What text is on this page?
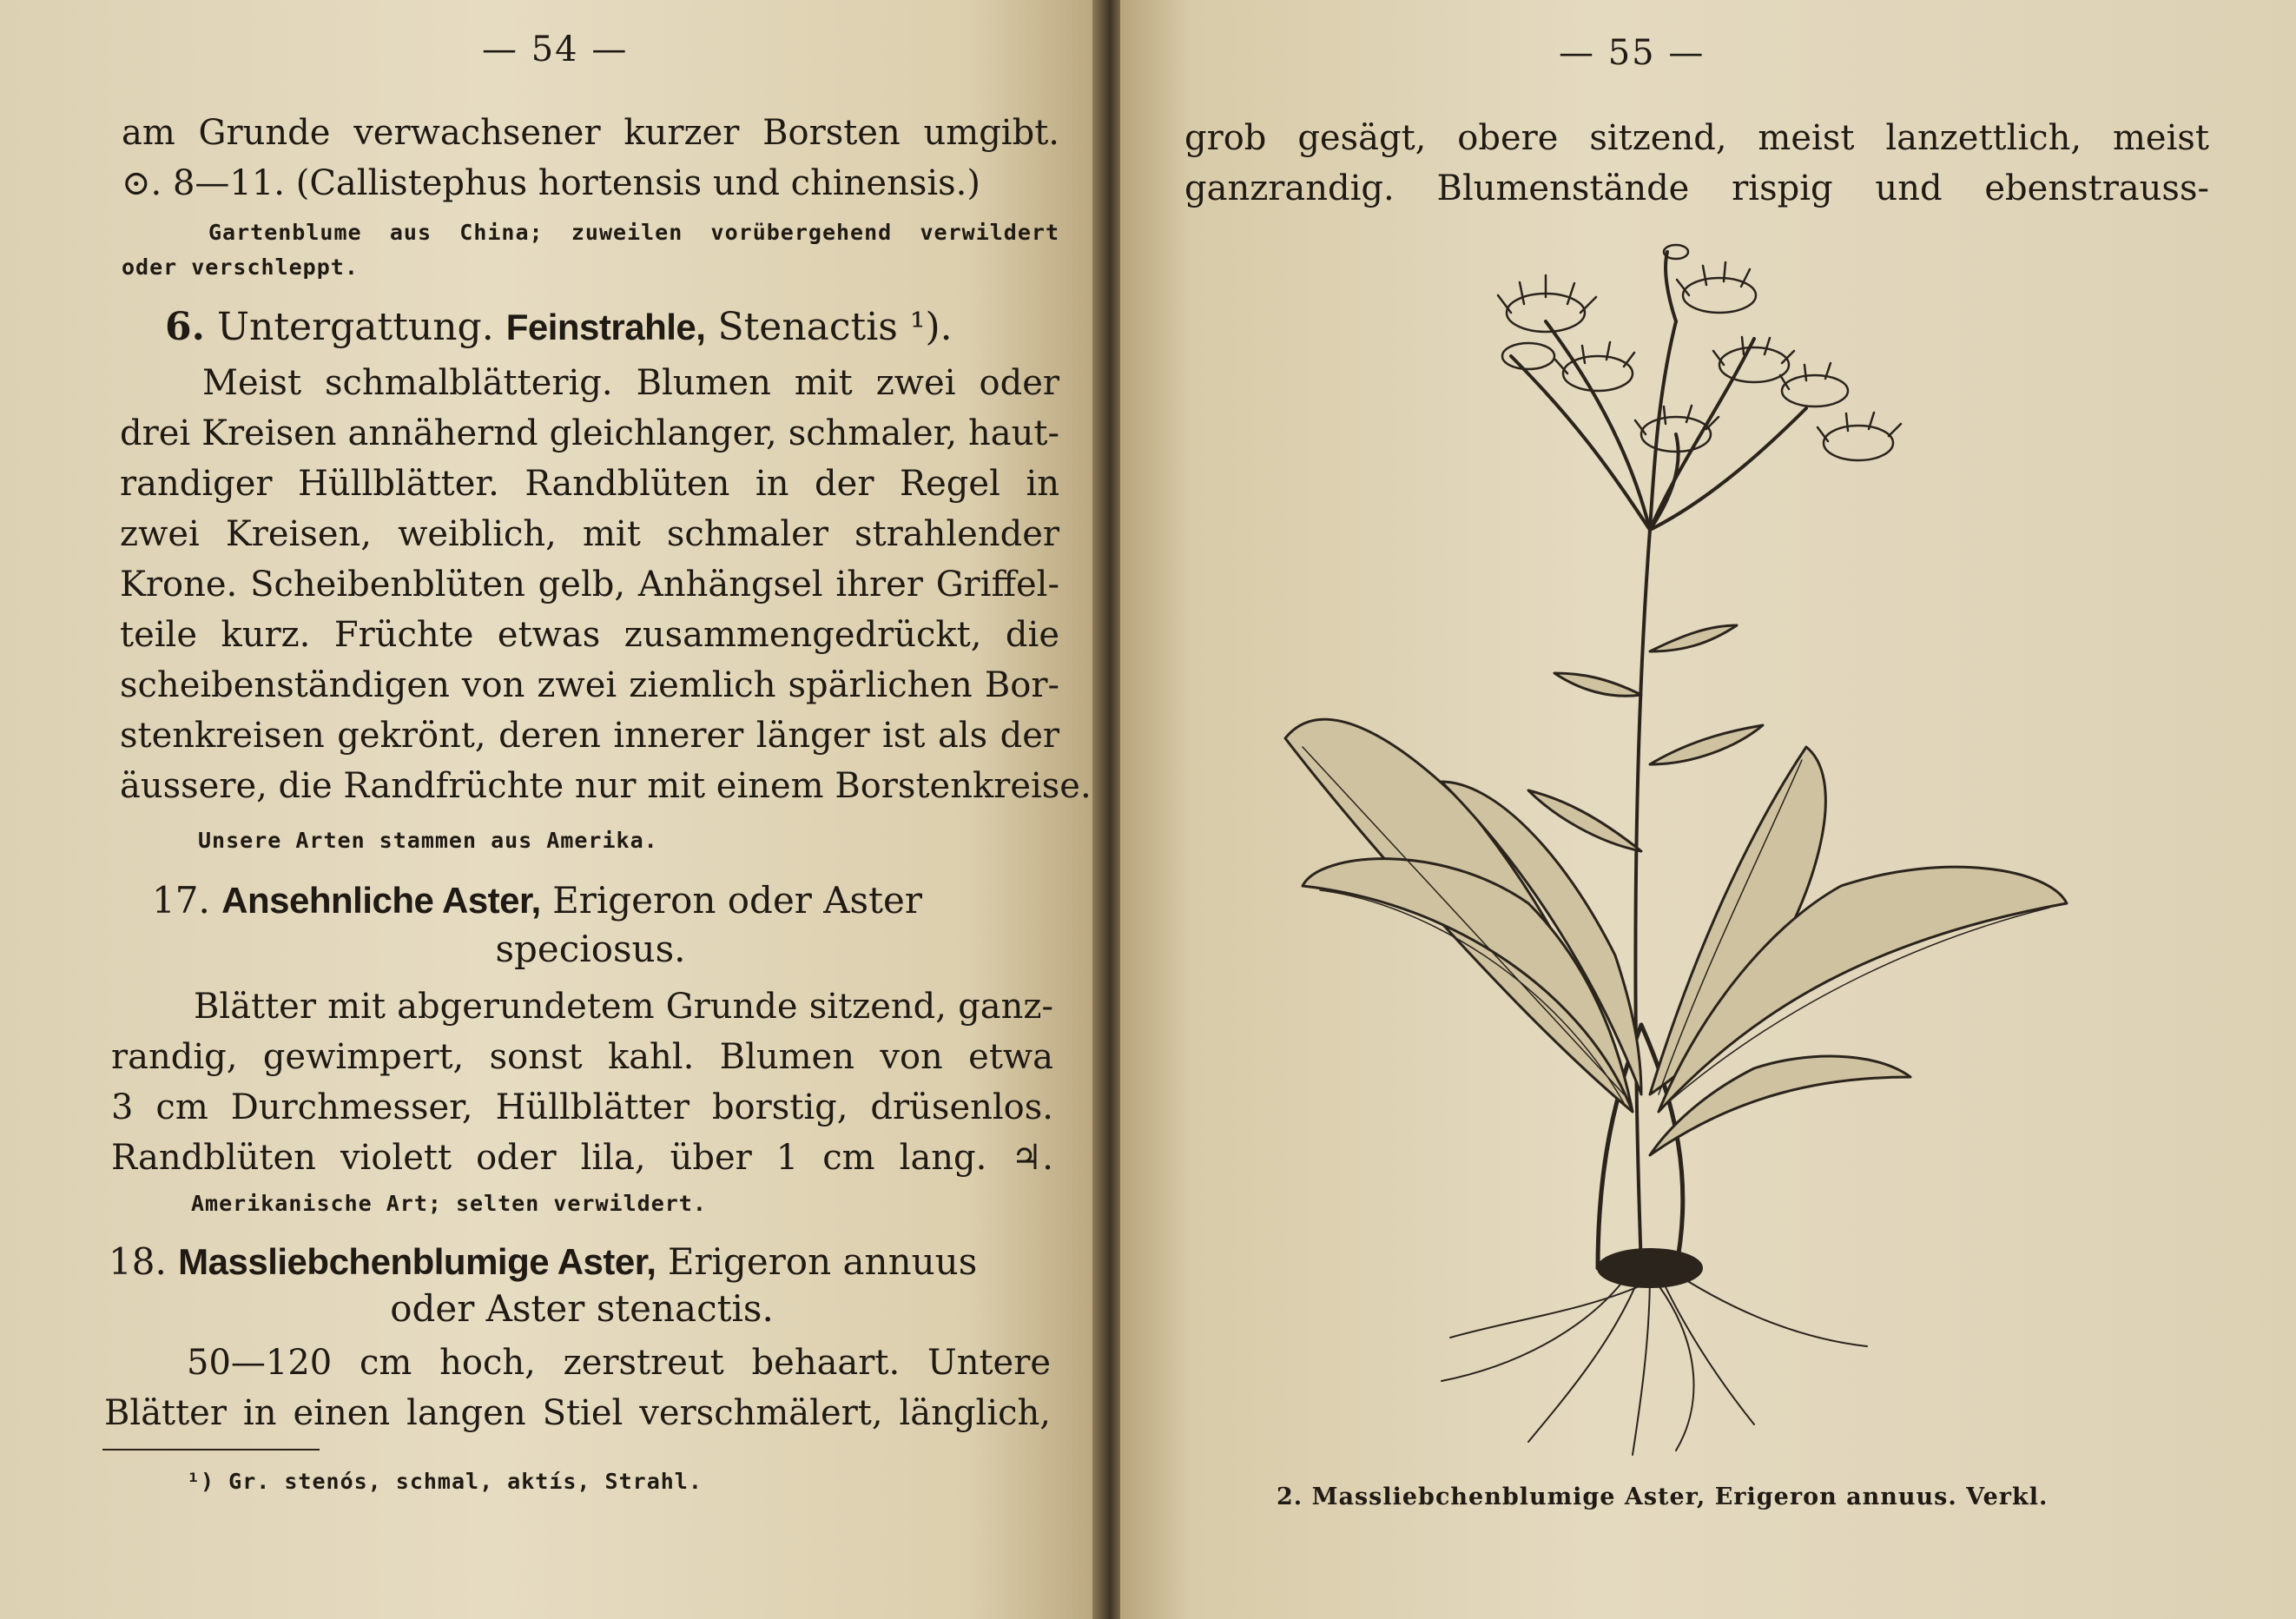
— 54 —
am Grunde verwachsener kurzer Borsten umgibt.
⊙. 8—11. (Callistephus hortensis und chinensis.)
Gartenblume aus China; zuweilen vorübergehend verwildert
oder verschleppt.
6. Untergattung. Feinstrahle, Stenactis ¹).
Meist schmalblätterig. Blumen mit zwei oder
drei Kreisen annähernd gleichlanger, schmaler, haut-
randiger Hüllblätter. Randblüten in der Regel in
zwei Kreisen, weiblich, mit schmaler strahlender
Krone. Scheibenblüten gelb, Anhängsel ihrer Griffel-
teile kurz. Früchte etwas zusammengedrückt, die
scheibenständigen von zwei ziemlich spärlichen Bor-
stenkreisen gekrönt, deren innerer länger ist als der
äussere, die Randfrüchte nur mit einem Borstenkreise.
Unsere Arten stammen aus Amerika.
17. Ansehnliche Aster, Erigeron oder Aster
speciosus.
Blätter mit abgerundetem Grunde sitzend, ganz-
randig, gewimpert, sonst kahl. Blumen von etwa
3 cm Durchmesser, Hüllblätter borstig, drüsenlos.
Randblüten violett oder lila, über 1 cm lang. ♃.
Amerikanische Art; selten verwildert.
18. Massliebchenblumige Aster, Erigeron annuus
oder Aster stenactis.
50—120 cm hoch, zerstreut behaart. Untere
Blätter in einen langen Stiel verschmälert, länglich,
¹) Gr. stenós, schmal, aktís, Strahl.
— 55 —
grob gesägt, obere sitzend, meist lanzettlich, meist
ganzrandig. Blumenstände rispig und ebenstrauss-
2. Massliebchenblumige Aster, Erigeron annuus. Verkl.
